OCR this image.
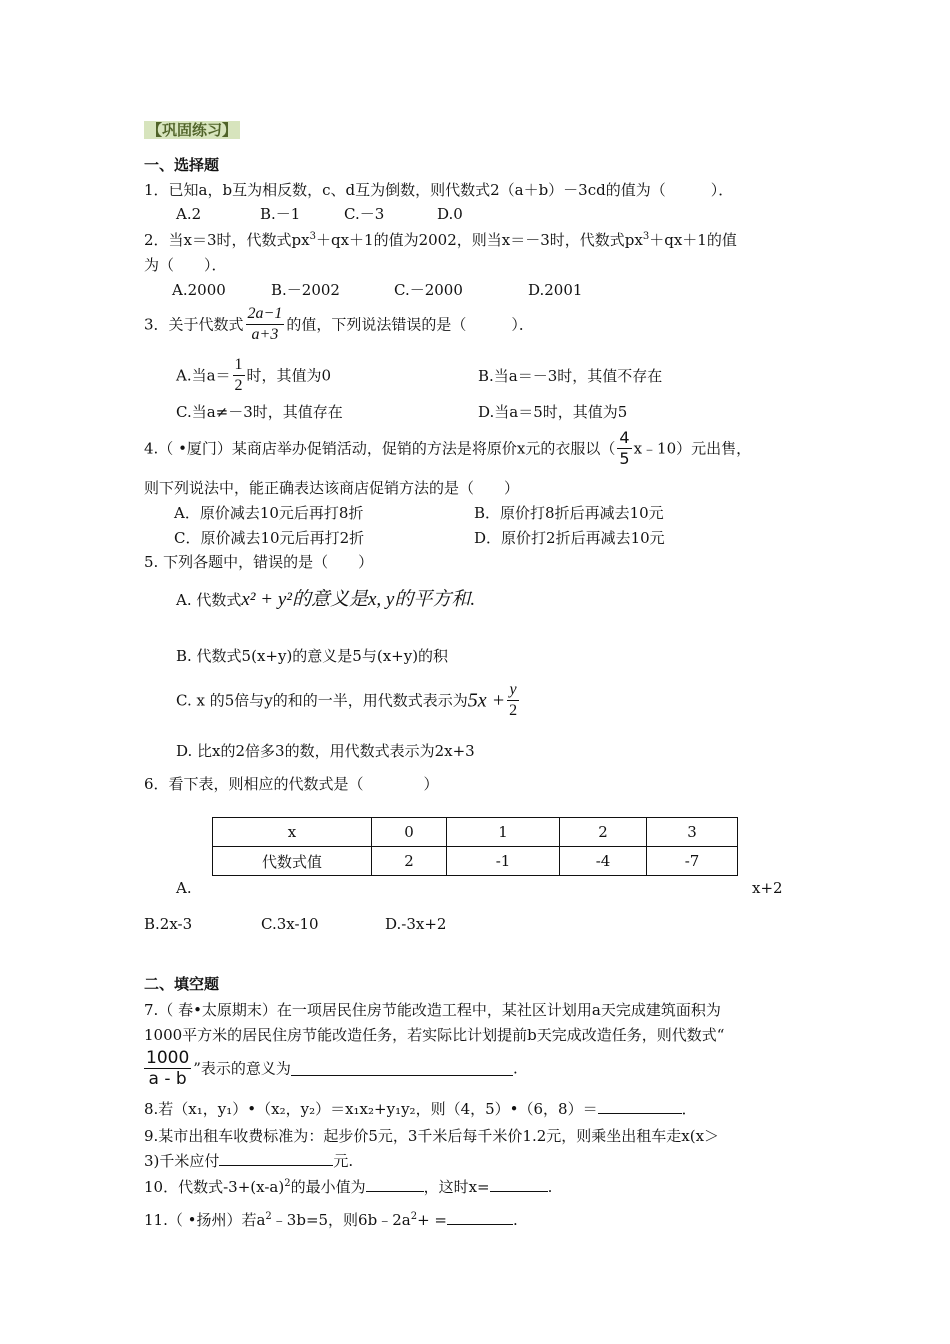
【巩固练习】
一、选择题
1．已知a，b互为相反数，c、d互为倒数，则代数式2（a＋b）－3cd的值为（　　　）．
A.2	B.－1	C.－3	D.0
2．当x＝3时，代数式$px^3+qx+1$的值为2002，则当x＝－3时，代数式$px^3+qx+1$的值
为（　　）．
A.2000	B.－2002	C.－2000	D.2001
3．关于代数式 $\frac{2a-1}{a+3}$ 的值，下列说法错误的是（　　　）．
A.当$a= \frac{1}{2}$ 时，其值为0	B.当a＝－3时，其值不存在
C.当a≠－3时，其值存在	D.当a＝5时，其值为5
4.（ •厦门）某商店举办促销活动，促销的方法是将原价x元的衣服以（ $\frac{4}{5}$ x﹣10）元出售，
则下列说法中，能正确表达该商店促销方法的是（　　）
A．原价减去10元后再打8折	B．原价打8折后再减去10元
C．原价减去10元后再打2折	D．原价打2折后再减去10元
5. 下列各题中，错误的是（　　）
A. 代数式x² + y²的意义是x, y的平方和.
B. 代数式5(x+y)的意义是5与(x+y)的积
C. x 的5倍与y的和的一半，用代数式表示为$5x + \frac{y}{2}$
D. 比x的2倍多3的数，用代数式表示为2x+3
6．看下表，则相应的代数式是（　　　　）
x	0	1	2	3
代数式值	2	-1	-4	-7
A.	x+2
B.2x-3	C.3x-10	D.-3x+2
二、填空题
7.（ 春•太原期末）在一项居民住房节能改造工程中，某社区计划用a天完成建筑面积为
1000平方米的居民住房节能改造任务，若实际比计划提前b天完成改造任务，则代数式“
$\frac{1000}{a - b}$ ”表示的意义为	.
8.若（x₁，y₁）•（x₂，y₂）＝x₁x₂+y₁y₂，则（4，5）•（6，8）＝	．
9.某市出租车收费标准为：起步价5元，3千米后每千米价1.2元，则乘坐出租车走x(x＞
3)千米应付	元.
10．代数式$-3+(x-a)^2$的最小值为	，这时x=	.
11.（ •扬州）若$a^2﹣3b=5$，则$6b﹣2a^2+$ =	.
